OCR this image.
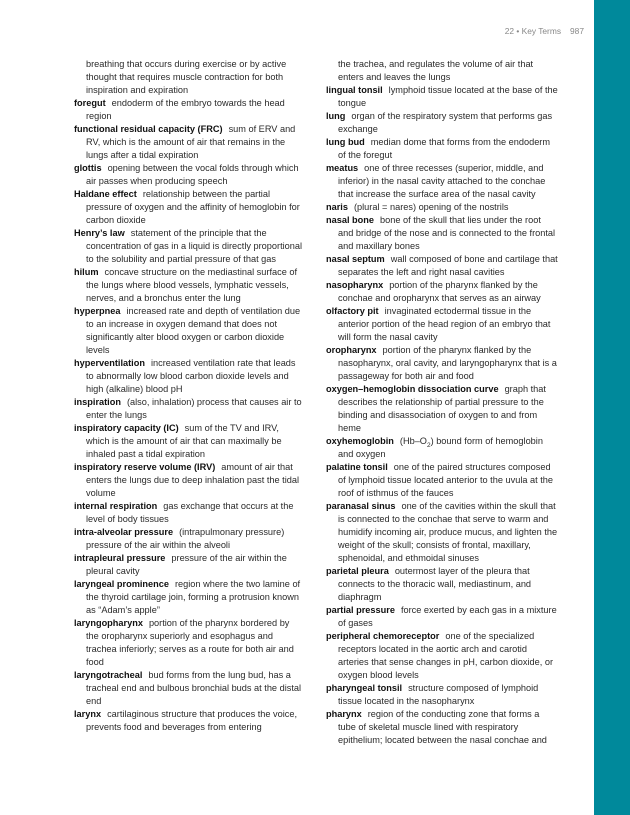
22 • Key Terms 987
breathing that occurs during exercise or by active thought that requires muscle contraction for both inspiration and expiration
foregut endoderm of the embryo towards the head region
functional residual capacity (FRC) sum of ERV and RV, which is the amount of air that remains in the lungs after a tidal expiration
glottis opening between the vocal folds through which air passes when producing speech
Haldane effect relationship between the partial pressure of oxygen and the affinity of hemoglobin for carbon dioxide
Henry’s law statement of the principle that the concentration of gas in a liquid is directly proportional to the solubility and partial pressure of that gas
hilum concave structure on the mediastinal surface of the lungs where blood vessels, lymphatic vessels, nerves, and a bronchus enter the lung
hyperpnea increased rate and depth of ventilation due to an increase in oxygen demand that does not significantly alter blood oxygen or carbon dioxide levels
hyperventilation increased ventilation rate that leads to abnormally low blood carbon dioxide levels and high (alkaline) blood pH
inspiration (also, inhalation) process that causes air to enter the lungs
inspiratory capacity (IC) sum of the TV and IRV, which is the amount of air that can maximally be inhaled past a tidal expiration
inspiratory reserve volume (IRV) amount of air that enters the lungs due to deep inhalation past the tidal volume
internal respiration gas exchange that occurs at the level of body tissues
intra-alveolar pressure (intrapulmonary pressure) pressure of the air within the alveoli
intrapleural pressure pressure of the air within the pleural cavity
laryngeal prominence region where the two lamine of the thyroid cartilage join, forming a protrusion known as “Adam’s apple”
laryngopharynx portion of the pharynx bordered by the oropharynx superiorly and esophagus and trachea inferiorly; serves as a route for both air and food
laryngotracheal bud forms from the lung bud, has a tracheal end and bulbous bronchial buds at the distal end
larynx cartilaginous structure that produces the voice, prevents food and beverages from entering
the trachea, and regulates the volume of air that enters and leaves the lungs
lingual tonsil lymphoid tissue located at the base of the tongue
lung organ of the respiratory system that performs gas exchange
lung bud median dome that forms from the endoderm of the foregut
meatus one of three recesses (superior, middle, and inferior) in the nasal cavity attached to the conchae that increase the surface area of the nasal cavity
naris (plural = nares) opening of the nostrils
nasal bone bone of the skull that lies under the root and bridge of the nose and is connected to the frontal and maxillary bones
nasal septum wall composed of bone and cartilage that separates the left and right nasal cavities
nasopharynx portion of the pharynx flanked by the conchae and oropharynx that serves as an airway
olfactory pit invaginated ectodermal tissue in the anterior portion of the head region of an embryo that will form the nasal cavity
oropharynx portion of the pharynx flanked by the nasopharynx, oral cavity, and laryngopharynx that is a passageway for both air and food
oxygen–hemoglobin dissociation curve graph that describes the relationship of partial pressure to the binding and disassociation of oxygen to and from heme
oxyhemoglobin $(Hb-O_2)$ bound form of hemoglobin and oxygen
palatine tonsil one of the paired structures composed of lymphoid tissue located anterior to the uvula at the roof of isthmus of the fauces
paranasal sinus one of the cavities within the skull that is connected to the conchae that serve to warm and humidify incoming air, produce mucus, and lighten the weight of the skull; consists of frontal, maxillary, sphenoidal, and ethmoidal sinuses
parietal pleura outermost layer of the pleura that connects to the thoracic wall, mediastinum, and diaphragm
partial pressure force exerted by each gas in a mixture of gases
peripheral chemoreceptor one of the specialized receptors located in the aortic arch and carotid arteries that sense changes in pH, carbon dioxide, or oxygen blood levels
pharyngeal tonsil structure composed of lymphoid tissue located in the nasopharynx
pharynx region of the conducting zone that forms a tube of skeletal muscle lined with respiratory epithelium; located between the nasal conchae and
